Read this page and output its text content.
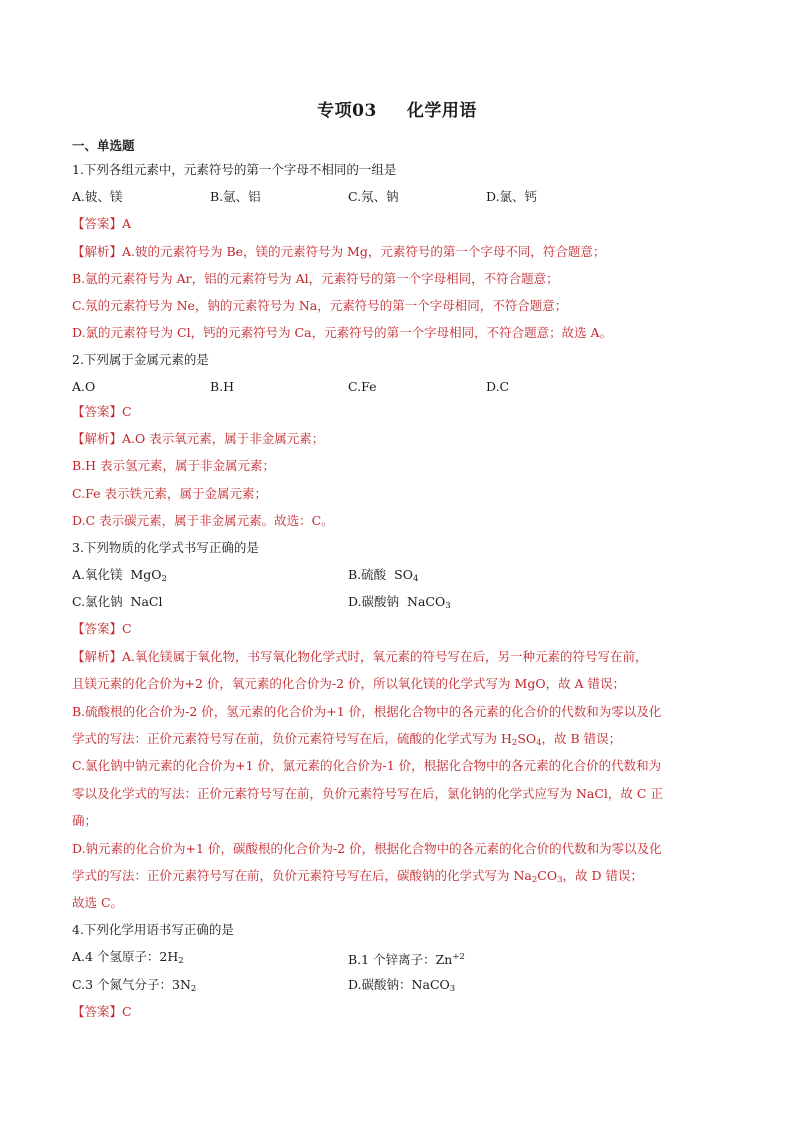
专项03 化学用语
一、单选题
1.下列各组元素中，元素符号的第一个字母不相同的一组是
A.铍、镁	B.氩、铝	C.氖、钠	D.氯、钙
【答案】A
【解析】A.铍的元素符号为 Be，镁的元素符号为 Mg，元素符号的第一个字母不同，符合题意；
B.氩的元素符号为 Ar，铝的元素符号为 Al，元素符号的第一个字母相同，不符合题意；
C.氖的元素符号为 Ne，钠的元素符号为 Na，元素符号的第一个字母相同，不符合题意；
D.氯的元素符号为 Cl，钙的元素符号为 Ca，元素符号的第一个字母相同，不符合题意；故选 A。
2.下列属于金属元素的是
A.O	B.H	C.Fe	D.C
【答案】C
【解析】A.O 表示氧元素，属于非金属元素；
B.H 表示氢元素，属于非金属元素；
C.Fe 表示铁元素，属于金属元素；
D.C 表示碳元素，属于非金属元素。故选：C。
3.下列物质的化学式书写正确的是
A.氧化镁 MgO$_2$	B.硫酸 $SO_4$
C.氯化钠 NaCl	D.碳酸钠 NaCO$_3$
【答案】C
【解析】A.氧化镁属于氧化物，书写氧化物化学式时，氧元素的符号写在后，另一种元素的符号写在前，
且镁元素的化合价为+2 价，氧元素的化合价为-2 价，所以氧化镁的化学式写为 MgO，故 A 错误；
B.硫酸根的化合价为-2 价，氢元素的化合价为+1 价，根据化合物中的各元素的化合价的代数和为零以及化
学式的写法：正价元素符号写在前，负价元素符号写在后，硫酸的化学式写为 $H_2SO_4$，故 B 错误；
C.氯化钠中钠元素的化合价为+1 价，氯元素的化合价为-1 价，根据化合物中的各元素的化合价的代数和为
零以及化学式的写法：正价元素符号写在前，负价元素符号写在后，氯化钠的化学式应写为 NaCl，故 C 正
确；
D.钠元素的化合价为+1 价，碳酸根的化合价为-2 价，根据化合物中的各元素的化合价的代数和为零以及化
学式的写法：正价元素符号写在前，负价元素符号写在后，碳酸钠的化学式写为 $Na_2CO_3$，故 D 错误；
故选 C。
4.下列化学用语书写正确的是
A.4 个氢原子：$2H_2$	B.1 个锌离子：$Zn^{+2}$
C.3 个氮气分子：$3N_2$	D.碳酸钠：NaCO$_3$
【答案】C
